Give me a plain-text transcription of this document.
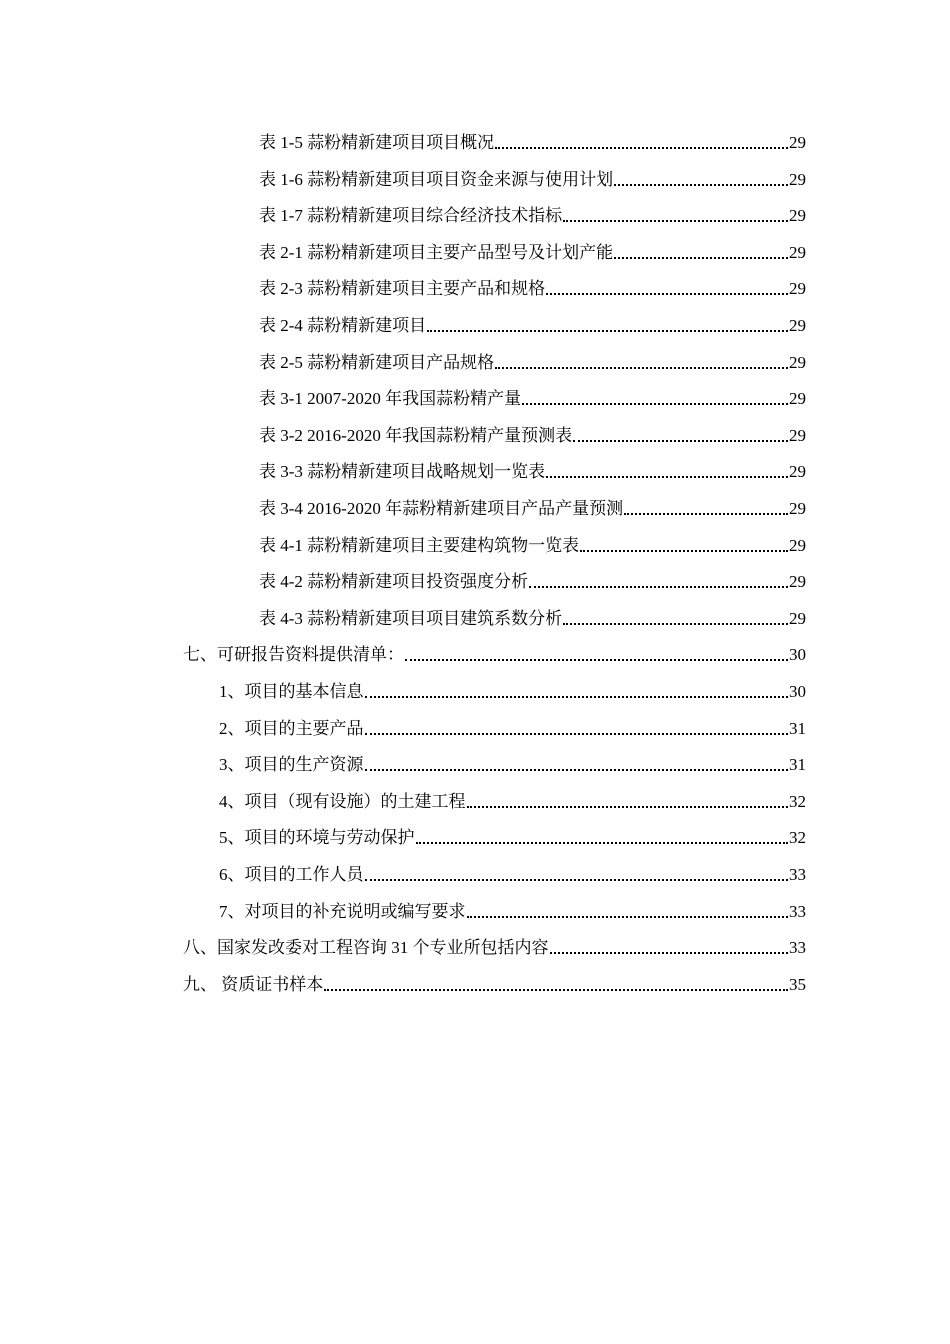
表 1-5 蒜粉精新建项目项目概况	29
表 1-6 蒜粉精新建项目项目资金来源与使用计划	29
表 1-7 蒜粉精新建项目综合经济技术指标	29
表 2-1 蒜粉精新建项目主要产品型号及计划产能	29
表 2-3 蒜粉精新建项目主要产品和规格	29
表 2-4 蒜粉精新建项目	29
表 2-5 蒜粉精新建项目产品规格	29
表 3-1 2007-2020 年我国蒜粉精产量	29
表 3-2 2016-2020 年我国蒜粉精产量预测表	29
表 3-3 蒜粉精新建项目战略规划一览表	29
表 3-4 2016-2020 年蒜粉精新建项目产品产量预测	29
表 4-1 蒜粉精新建项目主要建构筑物一览表	29
表 4-2 蒜粉精新建项目投资强度分析	29
表 4-3 蒜粉精新建项目项目建筑系数分析	29
七、可研报告资料提供清单：	30
1、项目的基本信息	30
2、项目的主要产品	31
3、项目的生产资源	31
4、项目（现有设施）的土建工程	32
5、项目的环境与劳动保护	32
6、项目的工作人员	33
7、对项目的补充说明或编写要求	33
八、国家发改委对工程咨询 31 个专业所包括内容	33
九、 资质证书样本	35
